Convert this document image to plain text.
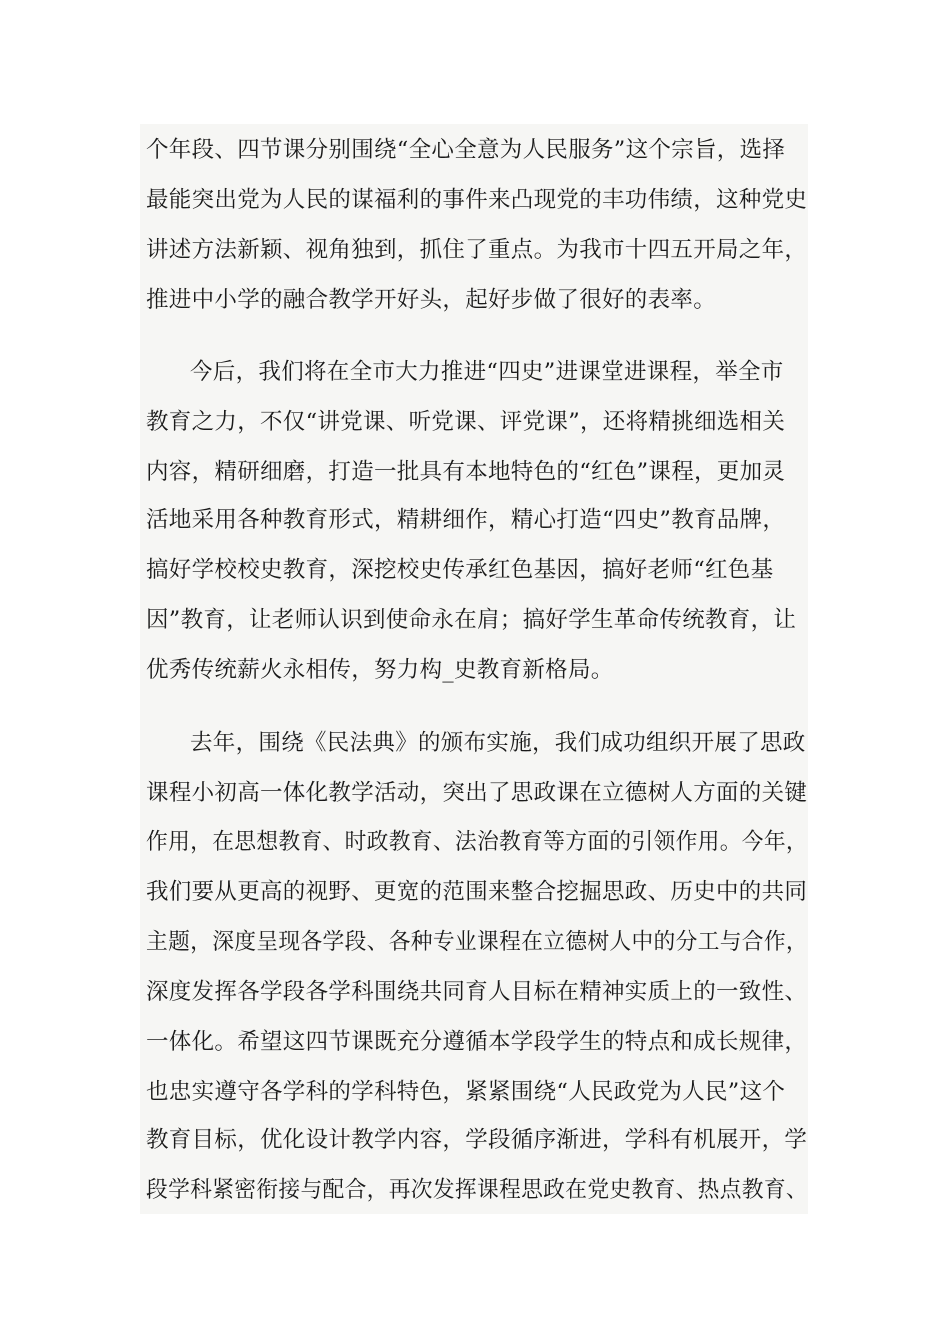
个年段、四节课分别围绕“全心全意为人民服务”这个宗旨，选择
最能突出党为人民的谋福利的事件来凸现党的丰功伟绩，这种党史
讲述方法新颖、视角独到，抓住了重点。为我市十四五开局之年，
推进中小学的融合教学开好头，起好步做了很好的表率。
今后，我们将在全市大力推进“四史”进课堂进课程，举全市
教育之力，不仅“讲党课、听党课、评党课”，还将精挑细选相关
内容，精研细磨，打造一批具有本地特色的“红色”课程，更加灵
活地采用各种教育形式，精耕细作，精心打造“四史”教育品牌，
搞好学校校史教育，深挖校史传承红色基因，搞好老师“红色基
因”教育，让老师认识到使命永在肩；搞好学生革命传统教育，让
优秀传统薪火永相传，努力构_史教育新格局。
去年，围绕《民法典》的颁布实施，我们成功组织开展了思政
课程小初高一体化教学活动，突出了思政课在立德树人方面的关键
作用，在思想教育、时政教育、法治教育等方面的引领作用。今年，
我们要从更高的视野、更宽的范围来整合挖掘思政、历史中的共同
主题，深度呈现各学段、各种专业课程在立德树人中的分工与合作，
深度发挥各学段各学科围绕共同育人目标在精神实质上的一致性、
一体化。希望这四节课既充分遵循本学段学生的特点和成长规律，
也忠实遵守各学科的学科特色，紧紧围绕“人民政党为人民”这个
教育目标，优化设计教学内容，学段循序渐进，学科有机展开，学
段学科紧密衔接与配合，再次发挥课程思政在党史教育、热点教育、
